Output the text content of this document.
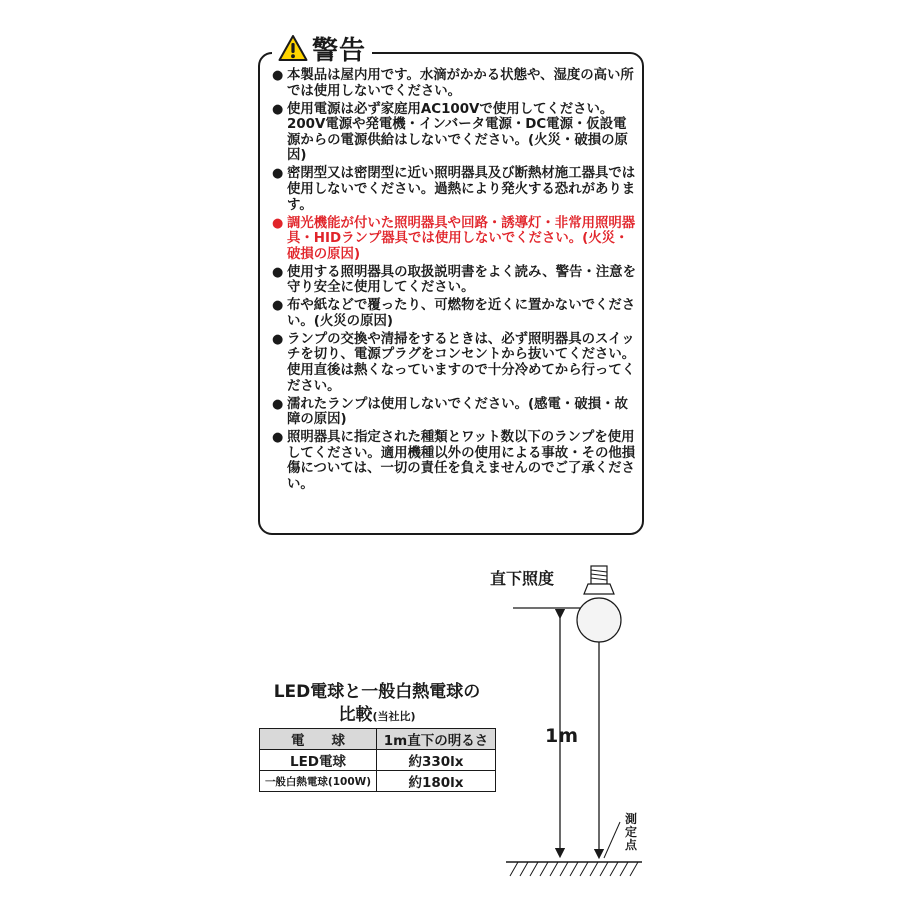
警告
● 本製品は屋内用です。水滴がかかる状態や、湿度の高い所では使用しないでください。
● 使用電源は必ず家庭用AC100Vで使用してください。200V電源や発電機・インバータ電源・DC電源・仮設電源からの電源供給はしないでください。(火災・破損の原因)
● 密閉型又は密閉型に近い照明器具及び断熱材施工器具では使用しないでください。過熱により発火する恐れがあります。
● 調光機能が付いた照明器具や回路・誘導灯・非常用照明器具・HIDランプ器具では使用しないでください。(火災・破損の原因)
● 使用する照明器具の取扱説明書をよく読み、警告・注意を守り安全に使用してください。
● 布や紙などで覆ったり、可燃物を近くに置かないでください。(火災の原因)
● ランプの交換や清掃をするときは、必ず照明器具のスイッチを切り、電源プラグをコンセントから抜いてください。使用直後は熱くなっていますので十分冷めてから行ってください。
● 濡れたランプは使用しないでください。(感電・破損・故障の原因)
● 照明器具に指定された種類とワット数以下のランプを使用してください。適用機種以外の使用による事故・その他損傷については、一切の責任を負えませんのでご了承ください。
LED電球と一般白熱電球の
比較(当社比)
電　　球	1m直下の明るさ
LED電球	約330lx
一般白熱電球(100W)	約180lx
直下照度
1m
測定点
